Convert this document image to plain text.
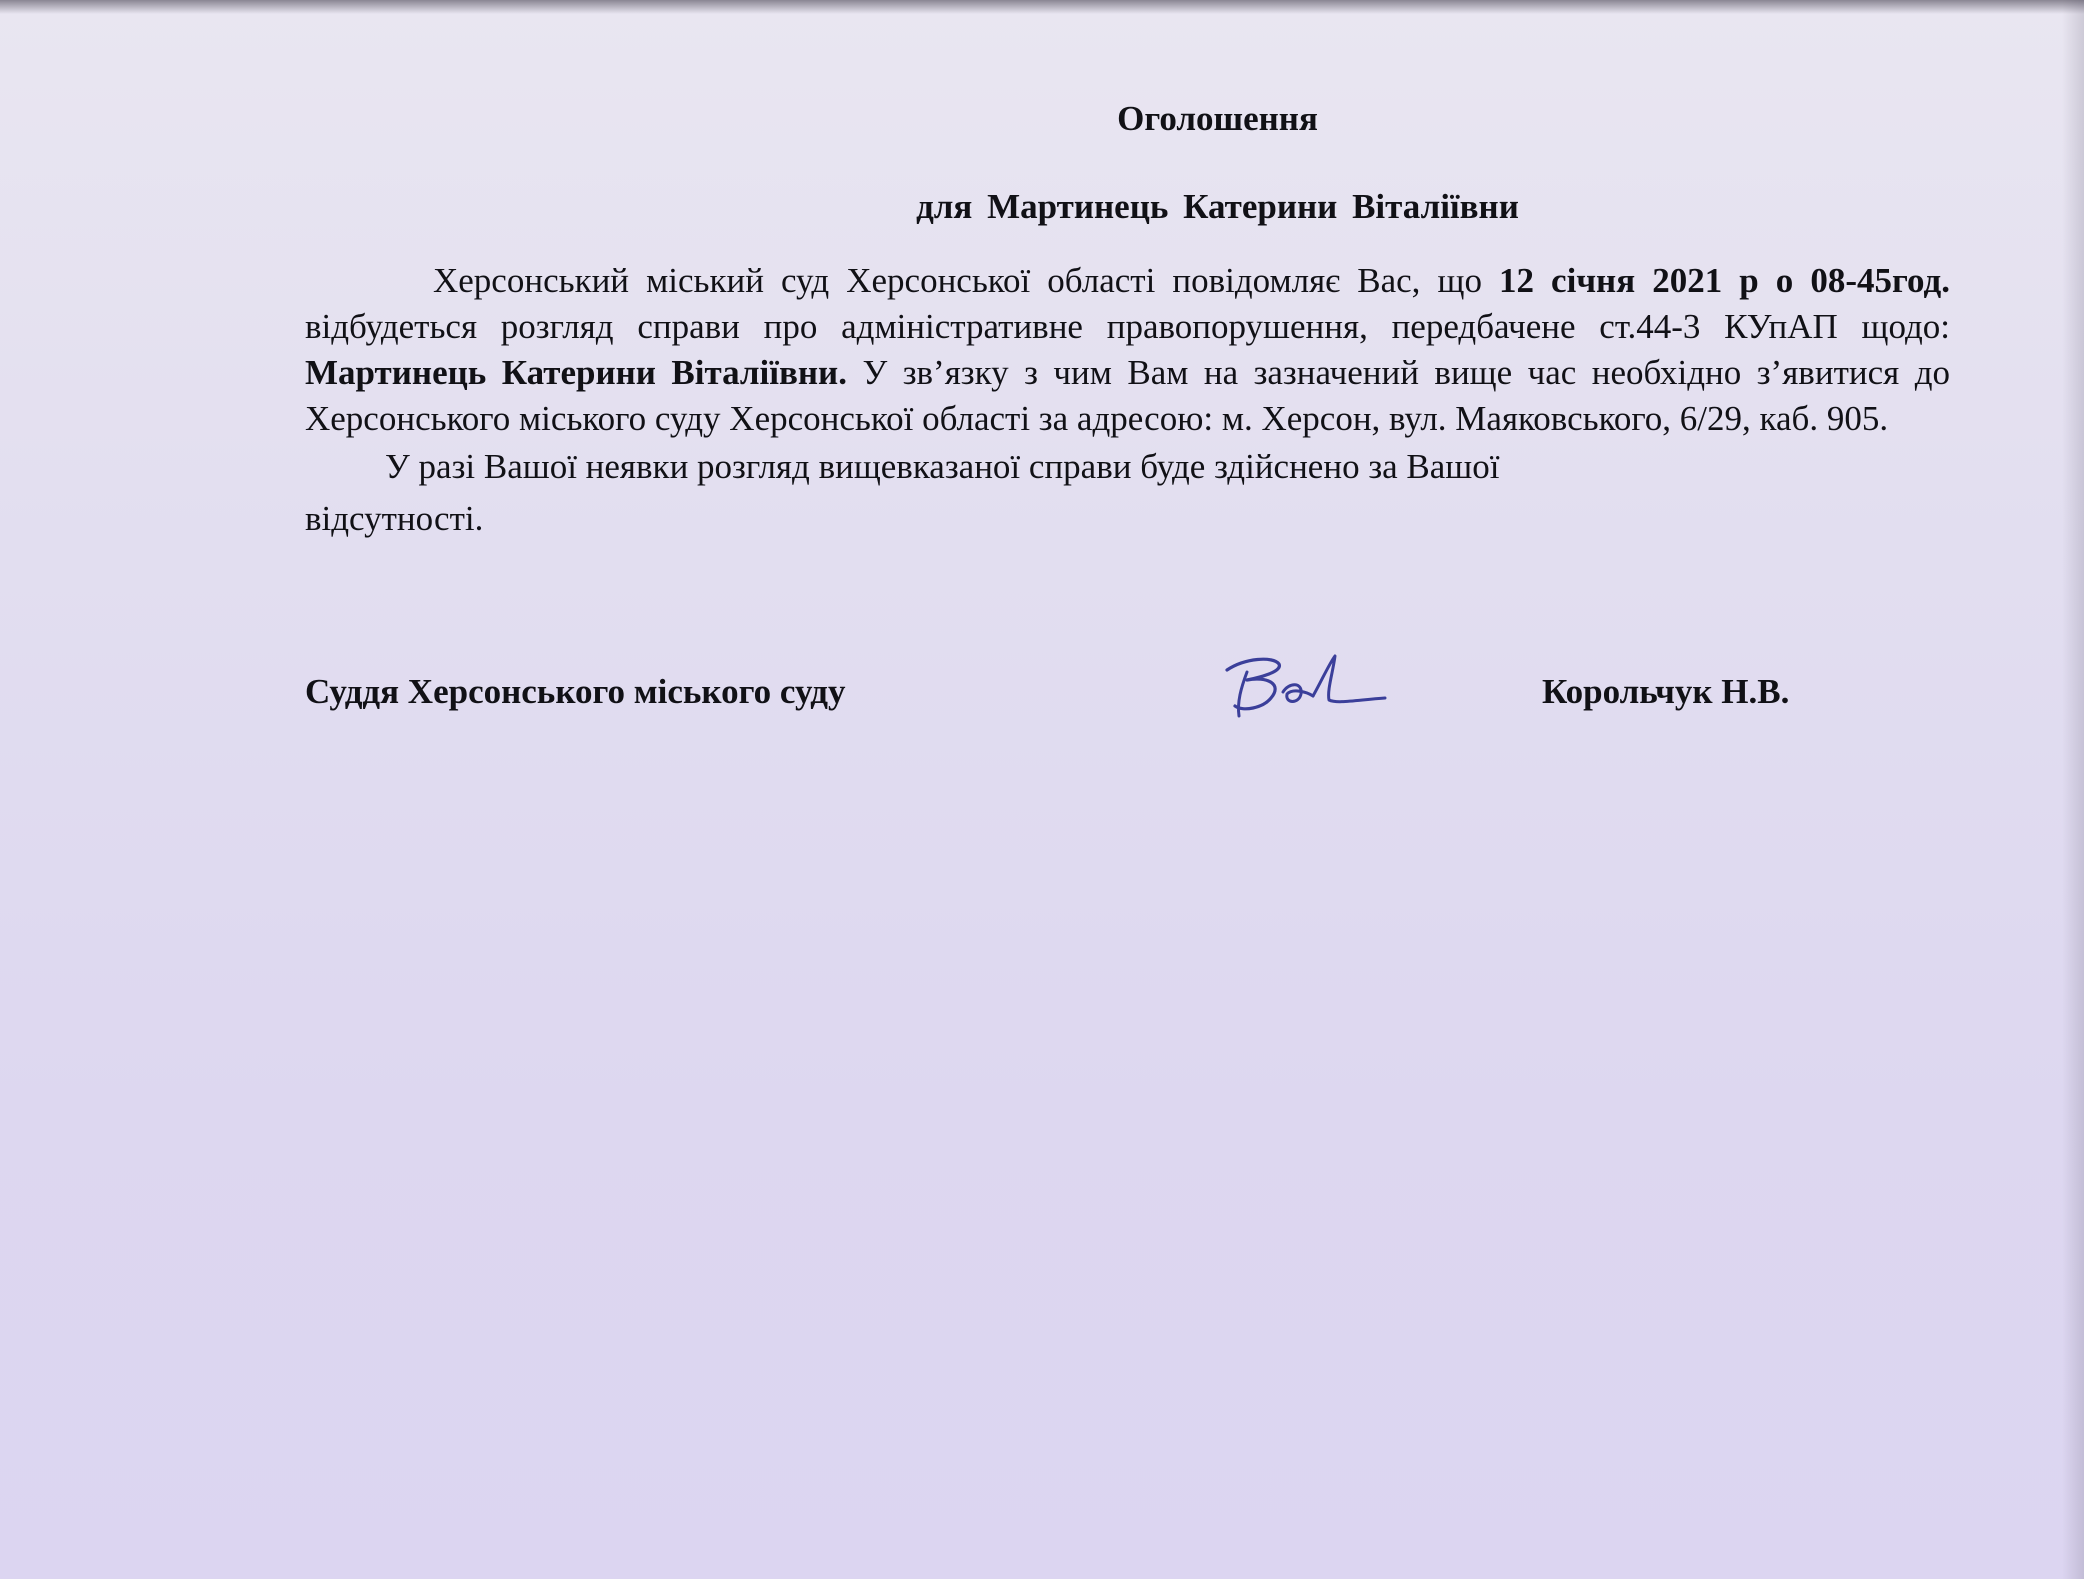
Оголошення

для Мартинець Катерини Віталіївни

Херсонський міський суд Херсонської області повідомляє Вас, що 12 січня 2021 р о 08-45год. відбудеться розгляд справи про адміністративне правопорушення, передбачене ст.44-3 КУпАП щодо: Мартинець Катерини Віталіївни. У зв’язку з чим Вам на зазначений вище час необхідно з’явитися до Херсонського міського суду Херсонської області за адресою: м. Херсон, вул. Маяковського, 6/29, каб. 905.

У разі Вашої неявки розгляд вищевказаної справи буде здійснено за Вашої
відсутності.

Суддя Херсонського міського суду	Корольчук Н.В.
